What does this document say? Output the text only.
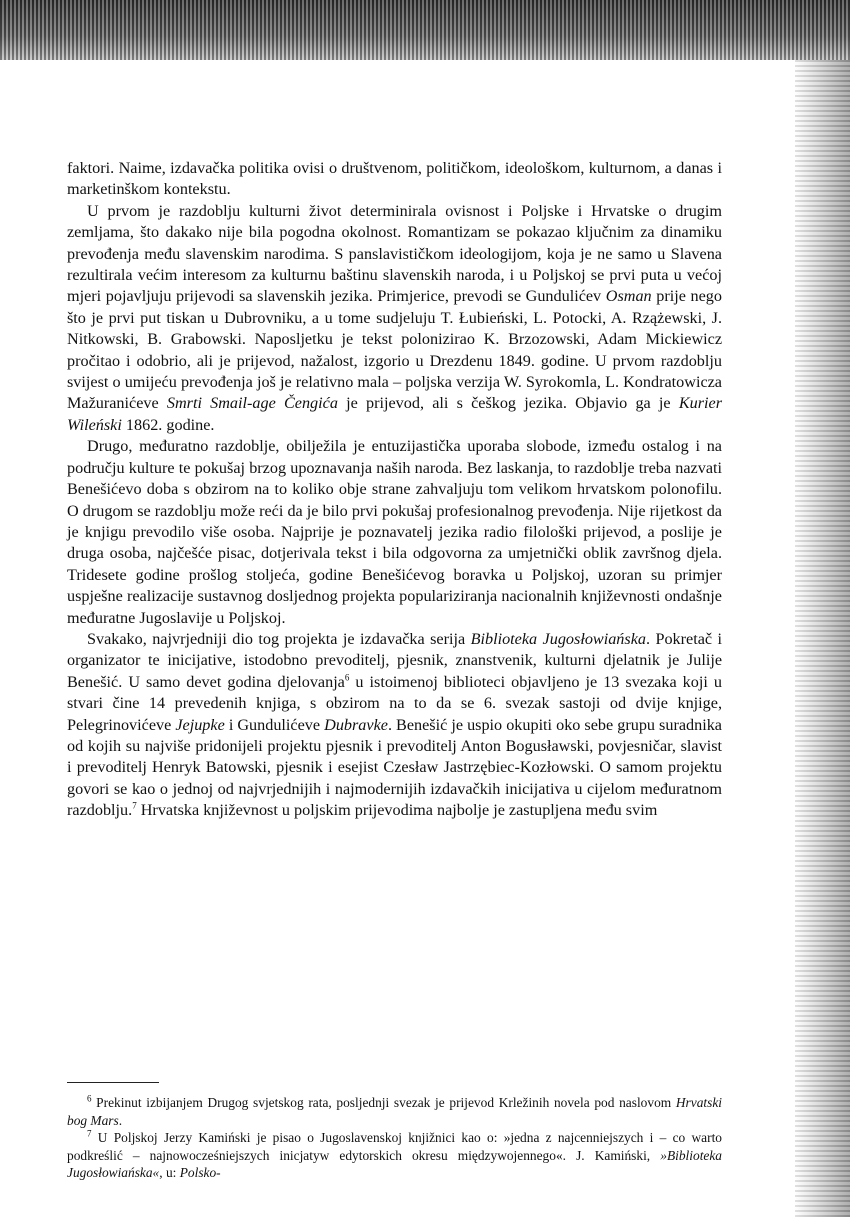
faktori. Naime, izdavačka politika ovisi o društvenom, političkom, ideološkom, kulturnom, a danas i marketinškom kontekstu.

U prvom je razdoblju kulturni život determinirala ovisnost i Poljske i Hrvatske o drugim zemljama, što dakako nije bila pogodna okolnost. Romantizam se pokazao ključnim za dinamiku prevođenja među slavenskim narodima. S panslavističkom ideologijom, koja je ne samo u Slavena rezultirala većim interesom za kulturnu baštinu slavenskih naroda, i u Poljskoj se prvi puta u većoj mjeri pojavljuju prijevodi sa slavenskih jezika. Primjerice, prevodi se Gundulićev Osman prije nego što je prvi put tiskan u Dubrovniku, a u tome sudjeluju T. Łubieński, L. Potocki, A. Rzążewski, J. Nitkowski, B. Grabowski. Naposljetku je tekst polonizirao K. Brzozowski, Adam Mickiewicz pročitao i odobrio, ali je prijevod, nažalost, izgorio u Drezdenu 1849. godine. U prvom razdoblju svijest o umijeću prevođenja još je relativno mala – poljska verzija W. Syrokomla, L. Kondratowicza Mažuranićeve Smrti Smail-age Čengića je prijevod, ali s češkog jezika. Objavio ga je Kurier Wileński 1862. godine.

Drugo, međuratno razdoblje, obilježila je entuzijastička uporaba slobode, između ostalog i na području kulture te pokušaj brzog upoznavanja naših naroda. Bez laskanja, to razdoblje treba nazvati Benešićevo doba s obzirom na to koliko obje strane zahvaljuju tom velikom hrvatskom polonofilu. O drugom se razdoblju može reći da je bilo prvi pokušaj profesionalnog prevođenja. Nije rijetkost da je knjigu prevodilo više osoba. Najprije je poznavatelj jezika radio filološki prijevod, a poslije je druga osoba, najčešće pisac, dotjerivala tekst i bila odgovorna za umjetnički oblik završnog djela. Tridesete godine prošlog stoljeća, godine Benešićevog boravka u Poljskoj, uzoran su primjer uspješne realizacije sustavnog dosljednog projekta populariziranja nacionalnih književnosti ondašnje međuratne Jugoslavije u Poljskoj.

Svakako, najvrjedniji dio tog projekta je izdavačka serija Biblioteka Jugosłowiańska. Pokretač i organizator te inicijative, istodobno prevoditelj, pjesnik, znanstvenik, kulturni djelatnik je Julije Benešić. U samo devet godina djelovanja$^6$ u istoimenoj biblioteci objavljeno je 13 svezaka koji u stvari čine 14 prevedenih knjiga, s obzirom na to da se 6. svezak sastoji od dvije knjige, Pelegrinovićeve Jejupke i Gundulićeve Dubravke. Benešić je uspio okupiti oko sebe grupu suradnika od kojih su najviše pridonijeli projektu pjesnik i prevoditelj Anton Bogusławski, povjesničar, slavist i prevoditelj Henryk Batowski, pjesnik i esejist Czesław Jastrzębiec-Kozłowski. O samom projektu govori se kao o jednoj od najvrjednijih i najmodernijih izdavačkih inicijativa u cijelom međuratnom razdoblju.$^7$ Hrvatska književnost u poljskim prijevodima najbolje je zastupljena među svim

$^6$ Prekinut izbijanjem Drugog svjetskog rata, posljednji svezak je prijevod Krležinih novela pod naslovom Hrvatski bog Mars.

$^7$ U Poljskoj Jerzy Kamiński je pisao o Jugoslavenskoj knjižnici kao o: »jedna z najcenniejszych i – co warto podkreślić – najnowocześniejszych inicjatyw edytorskich okresu międzywojennego«. J. Kamiński, »Biblioteka Jugosłowiańska«, u: Polsko-
